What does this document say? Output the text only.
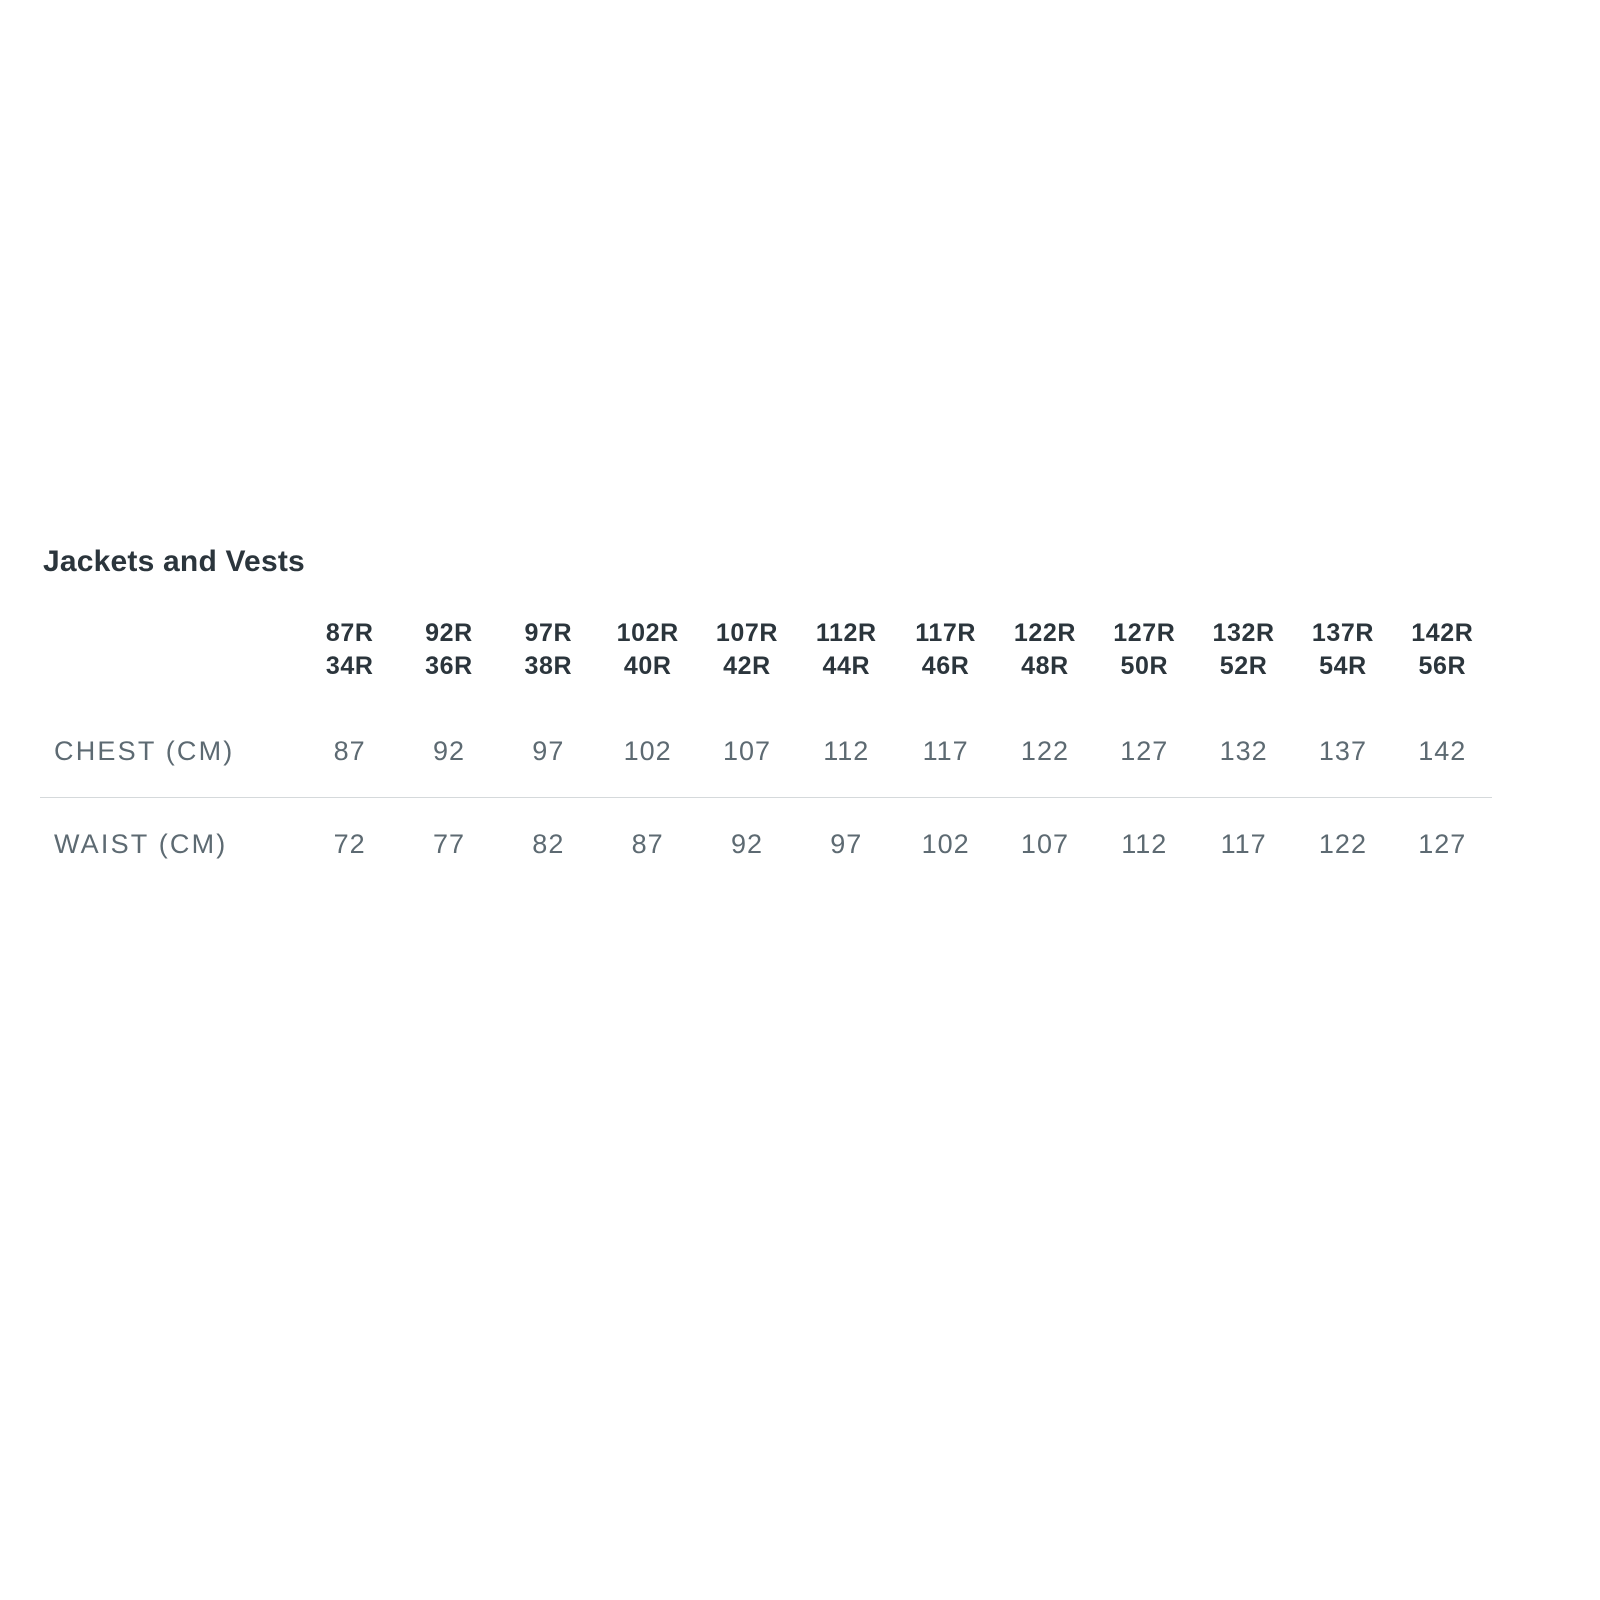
Jackets and Vests
	87R	92R	97R	102R	107R	112R	117R	122R	127R	132R	137R	142R
	34R	36R	38R	40R	42R	44R	46R	48R	50R	52R	54R	56R
CHEST (CM)	87	92	97	102	107	112	117	122	127	132	137	142
WAIST (CM)	72	77	82	87	92	97	102	107	112	117	122	127
